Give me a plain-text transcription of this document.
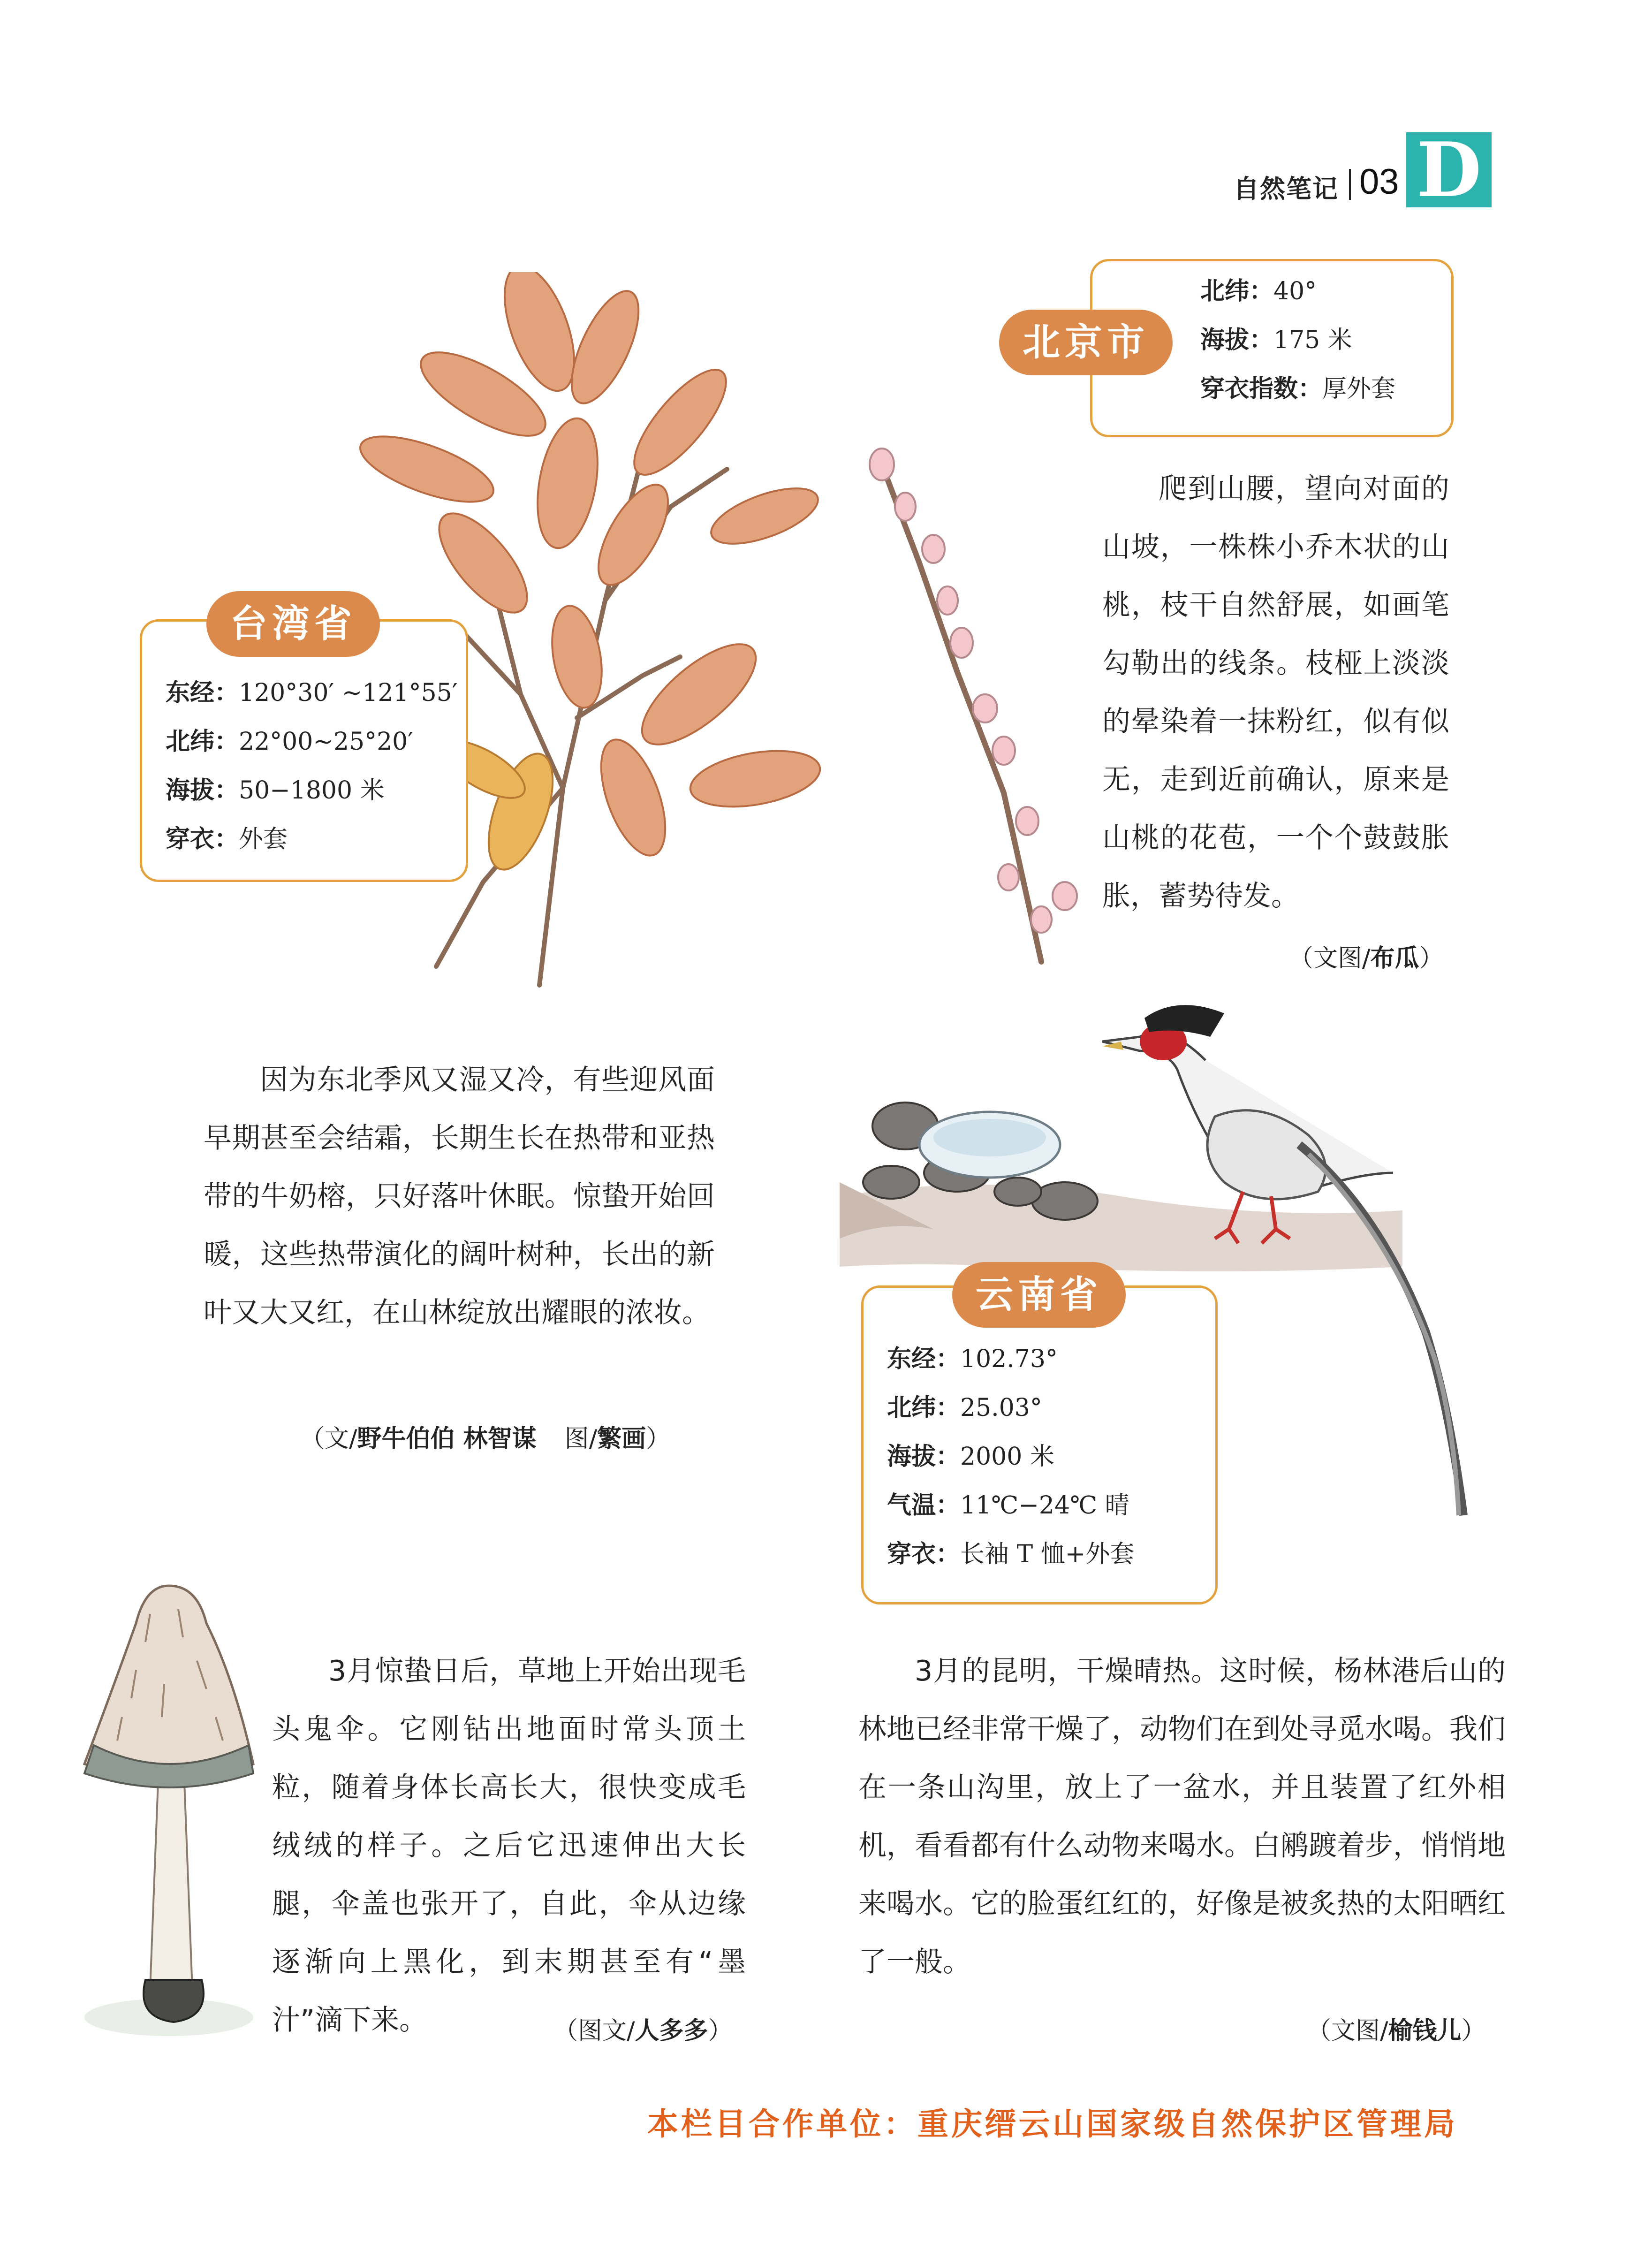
自然笔记 03 D
东经：120°30′ ~121°55′
北纬：22°00~25°20′
海拔：50−1800 米
穿衣：外套
台湾省
北纬：40°
海拔：175 米
穿衣指数：厚外套
北京市

爬到山腰，望向对面的山坡，一株株小乔木状的山桃，枝干自然舒展，如画笔勾勒出的线条。枝桠上淡淡的晕染着一抹粉红，似有似无，走到近前确认，原来是山桃的花苞，一个个鼓鼓胀胀，蓄势待发。

（文图/布瓜）

因为东北季风又湿又冷，有些迎风面早期甚至会结霜，长期生长在热带和亚热带的牛奶榕，只好落叶休眠。惊蛰开始回暖，这些热带演化的阔叶树种，长出的新叶又大又红，在山林绽放出耀眼的浓妆。

（文/野牛伯伯 林智谋 图/繁画）
东经：102.73°
北纬：25.03°
海拔：2000 米
气温：11℃−24℃ 晴
穿衣：长袖 T 恤+外套
云南省

3月惊蛰日后，草地上开始出现毛头鬼伞。它刚钻出地面时常头顶土粒，随着身体长高长大，很快变成毛绒绒的样子。之后它迅速伸出大长腿，伞盖也张开了，自此，伞从边缘逐渐向上黑化，到末期甚至有“墨汁”滴下来。	（图文/人多多）

3月的昆明，干燥晴热。这时候，杨林港后山的林地已经非常干燥了，动物们在到处寻觅水喝。我们在一条山沟里，放上了一盆水，并且装置了红外相机，看看都有什么动物来喝水。白鹇踱着步，悄悄地来喝水。它的脸蛋红红的，好像是被炙热的太阳晒红了一般。

（文图/榆钱儿）
本栏目合作单位：重庆缙云山国家级自然保护区管理局
